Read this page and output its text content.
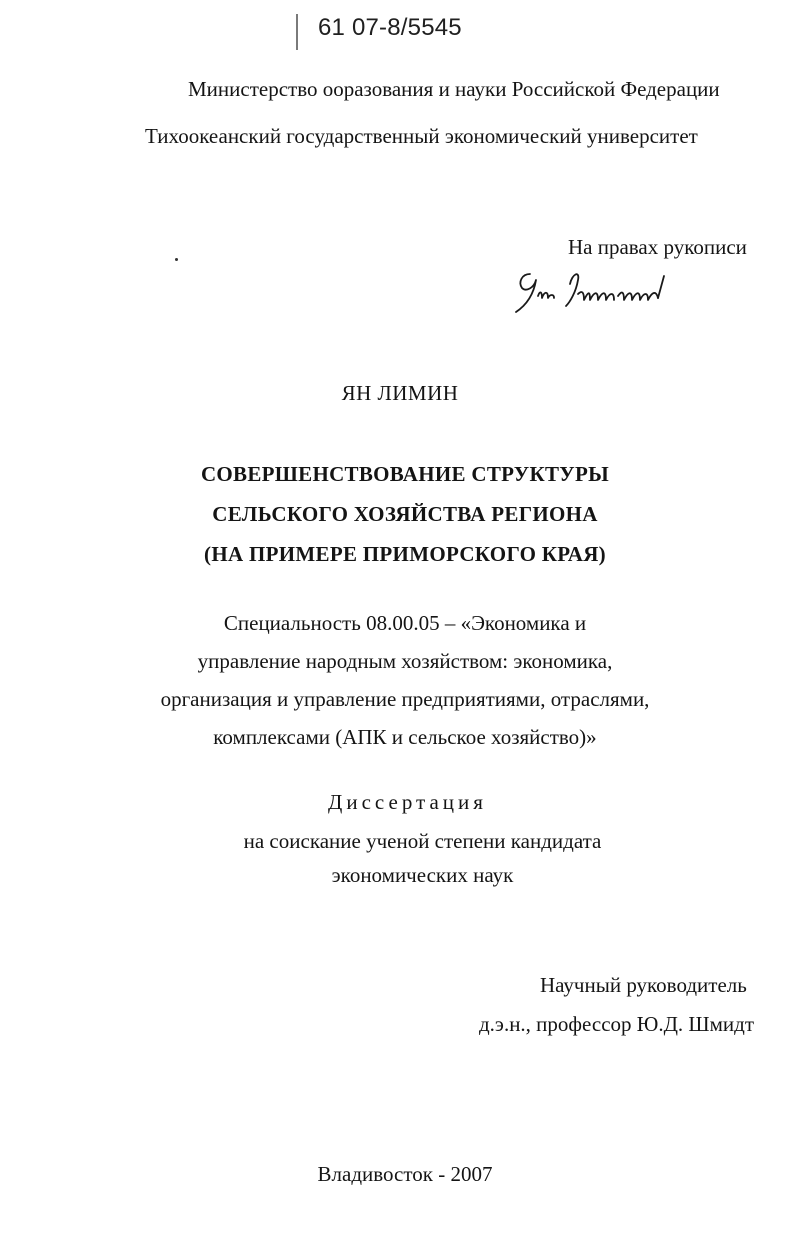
61 07-8/5545
Министерство ооразования и науки Российской Федерации
Тихоокеанский государственный экономический университет
На правах рукописи
ЯН ЛИМИН
СОВЕРШЕНСТВОВАНИЕ СТРУКТУРЫ
СЕЛЬСКОГО ХОЗЯЙСТВА РЕГИОНА
(НА ПРИМЕРЕ ПРИМОРСКОГО КРАЯ)
Специальность 08.00.05 – «Экономика и
управление народным хозяйством: экономика,
организация и управление предприятиями, отраслями,
комплексами (АПК и сельское хозяйство)»
Диссертация
на соискание ученой степени кандидата
экономических наук
Научный руководитель
д.э.н., профессор Ю.Д. Шмидт
Владивосток - 2007
